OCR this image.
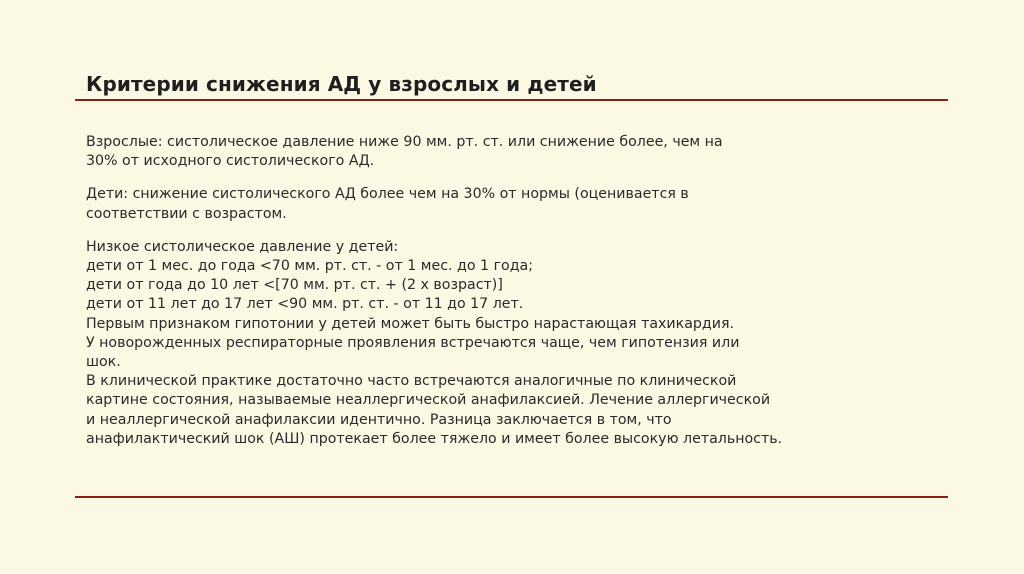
Критерии снижения АД у взрослых и детей

Взрослые: систолическое давление ниже 90 мм. рт. ст. или снижение более, чем на
30% от исходного систолического АД.

Дети: снижение систолического АД более чем на 30% от нормы (оценивается в
соответствии с возрастом.

Низкое систолическое давление у детей:
дети от 1 мес. до года <70 мм. рт. ст. - от 1 мес. до 1 года;
дети от года до 10 лет <[70 мм. рт. ст. + (2 х возраст)]
дети от 11 лет до 17 лет <90 мм. рт. ст. - от 11 до 17 лет.
Первым признаком гипотонии у детей может быть быстро нарастающая тахикардия.
У новорожденных респираторные проявления встречаются чаще, чем гипотензия или
шок.
В клинической практике достаточно часто встречаются аналогичные по клинической
картине состояния, называемые неаллергической анафилаксией. Лечение аллергической
и неаллергической анафилаксии идентично. Разница заключается в том, что
анафилактический шок (АШ) протекает более тяжело и имеет более высокую летальность.
